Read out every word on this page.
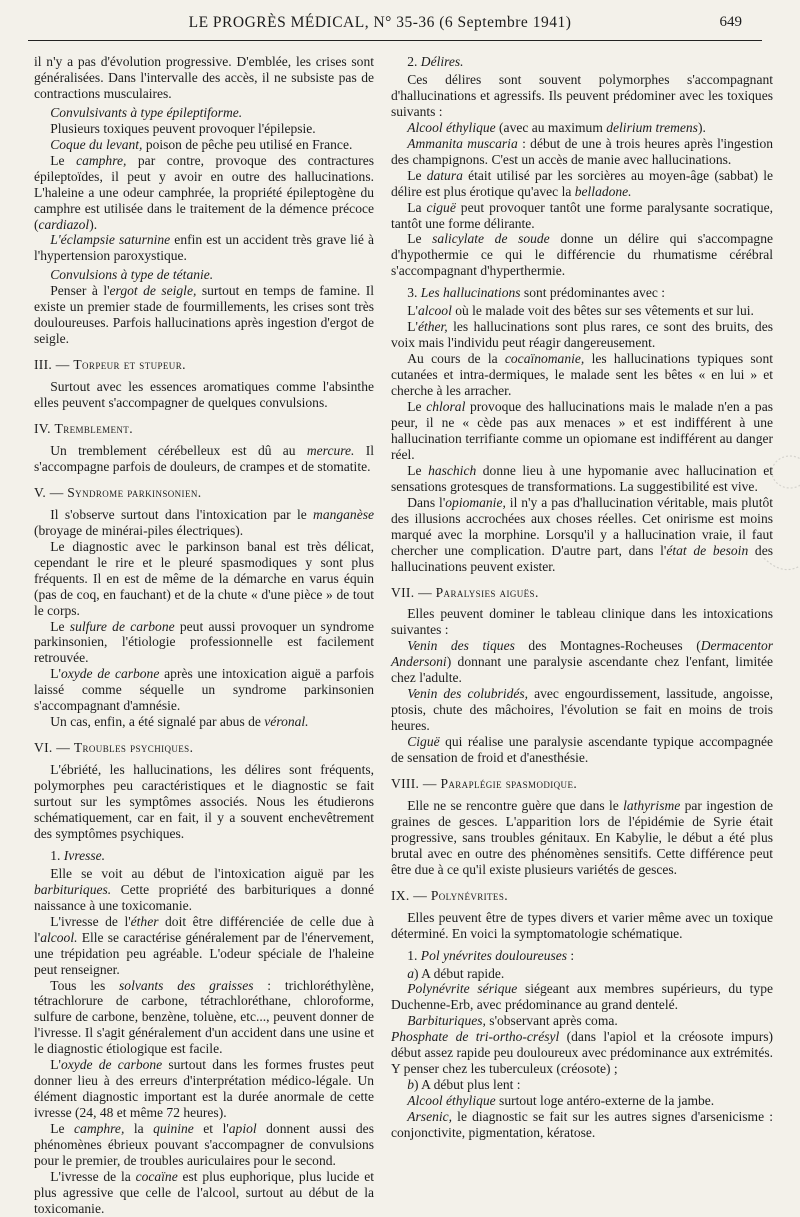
LE PROGRÈS MÉDICAL, N° 35-36 (6 Septembre 1941)	649

il n'y a pas d'évolution progressive. D'emblée, les crises sont généralisées. Dans l'intervalle des accès, il ne subsiste pas de contractions musculaires.

Convulsivants à type épileptiforme.

Plusieurs toxiques peuvent provoquer l'épilepsie.

Coque du levant, poison de pêche peu utilisé en France.

Le camphre, par contre, provoque des contractures épileptoïdes, il peut y avoir en outre des hallucinations. L'haleine a une odeur camphrée, la propriété épileptogène du camphre est utilisée dans le traitement de la démence précoce (cardiazol).

L'éclampsie saturnine enfin est un accident très grave lié à l'hypertension paroxystique.

Convulsions à type de tétanie.

Penser à l'ergot de seigle, surtout en temps de famine. Il existe un premier stade de fourmillements, les crises sont très douloureuses. Parfois hallucinations après ingestion d'ergot de seigle.

III. — Torpeur et stupeur.

Surtout avec les essences aromatiques comme l'absinthe elles peuvent s'accompagner de quelques convulsions.

IV. Tremblement.

Un tremblement cérébelleux est dû au mercure. Il s'accompagne parfois de douleurs, de crampes et de stomatite.

V. — Syndrome parkinsonien.

Il s'observe surtout dans l'intoxication par le manganèse (broyage de minérai-piles électriques).

Le diagnostic avec le parkinson banal est très délicat, cependant le rire et le pleuré spasmodiques y sont plus fréquents. Il en est de même de la démarche en varus équin (pas de coq, en fauchant) et de la chute « d'une pièce » de tout le corps.

Le sulfure de carbone peut aussi provoquer un syndrome parkinsonien, l'étiologie professionnelle est facilement retrouvée.

L'oxyde de carbone après une intoxication aiguë a parfois laissé comme séquelle un syndrome parkinsonien s'accompagnant d'amnésie.

Un cas, enfin, a été signalé par abus de véronal.

VI. — Troubles psychiques.

L'ébriété, les hallucinations, les délires sont fréquents, polymorphes peu caractéristiques et le diagnostic se fait surtout sur les symptômes associés. Nous les étudierons schématiquement, car en fait, il y a souvent enchevêtrement des symptômes psychiques.

1. Ivresse.

Elle se voit au début de l'intoxication aiguë par les barbituriques. Cette propriété des barbituriques a donné naissance à une toxicomanie.

L'ivresse de l'éther doit être différenciée de celle due à l'alcool. Elle se caractérise généralement par de l'énervement, une trépidation peu agréable. L'odeur spéciale de l'haleine peut renseigner.

Tous les solvants des graisses : trichloréthylène, tétrachlorure de carbone, tétrachloréthane, chloroforme, sulfure de carbone, benzène, toluène, etc..., peuvent donner de l'ivresse. Il s'agit généralement d'un accident dans une usine et le diagnostic étiologique est facile.

L'oxyde de carbone surtout dans les formes frustes peut donner lieu à des erreurs d'interprétation médico-légale. Un élément diagnostic important est la durée anormale de cette ivresse (24, 48 et même 72 heures).

Le camphre, la quinine et l'apiol donnent aussi des phénomènes ébrieux pouvant s'accompagner de convulsions pour le premier, de troubles auriculaires pour le second.

L'ivresse de la cocaïne est plus euphorique, plus lucide et plus agressive que celle de l'alcool, surtout au début de la toxicomanie.

2. Délires.

Ces délires sont souvent polymorphes s'accompagnant d'hallucinations et agressifs. Ils peuvent prédominer avec les toxiques suivants :

Alcool éthylique (avec au maximum delirium tremens).

Ammanita muscaria : début de une à trois heures après l'ingestion des champignons. C'est un accès de manie avec hallucinations.

Le datura était utilisé par les sorcières au moyen-âge (sabbat) le délire est plus érotique qu'avec la belladone.

La ciguë peut provoquer tantôt une forme paralysante socratique, tantôt une forme délirante.

Le salicylate de soude donne un délire qui s'accompagne d'hypothermie ce qui le différencie du rhumatisme cérébral s'accompagnant d'hyperthermie.

3. Les hallucinations sont prédominantes avec :

L'alcool où le malade voit des bêtes sur ses vêtements et sur lui.

L'éther, les hallucinations sont plus rares, ce sont des bruits, des voix mais l'individu peut réagir dangereusement.

Au cours de la cocaïnomanie, les hallucinations typiques sont cutanées et intra-dermiques, le malade sent les bêtes « en lui » et cherche à les arracher.

Le chloral provoque des hallucinations mais le malade n'en a pas peur, il ne « cède pas aux menaces » et est indifférent à une hallucination terrifiante comme un opiomane est indifférent au danger réel.

Le haschich donne lieu à une hypomanie avec hallucination et sensations grotesques de transformations. La suggestibilité est vive.

Dans l'opiomanie, il n'y a pas d'hallucination véritable, mais plutôt des illusions accrochées aux choses réelles. Cet onirisme est moins marqué avec la morphine. Lorsqu'il y a hallucination vraie, il faut chercher une complication. D'autre part, dans l'état de besoin des hallucinations peuvent exister.

VII. — Paralysies aiguës.

Elles peuvent dominer le tableau clinique dans les intoxications suivantes :

Venin des tiques des Montagnes-Rocheuses (Dermacentor Andersoni) donnant une paralysie ascendante chez l'enfant, limitée chez l'adulte.

Venin des colubridés, avec engourdissement, lassitude, angoisse, ptosis, chute des mâchoires, l'évolution se fait en moins de trois heures.

Ciguë qui réalise une paralysie ascendante typique accompagnée de sensation de froid et d'anesthésie.

VIII. — Paraplégie spasmodique.

Elle ne se rencontre guère que dans le lathyrisme par ingestion de graines de gesces. L'apparition lors de l'épidémie de Syrie était progressive, sans troubles génitaux. En Kabylie, le début a été plus brutal avec en outre des phénomènes sensitifs. Cette différence peut être due à ce qu'il existe plusieurs variétés de gesces.

IX. — Polynévrites.

Elles peuvent être de types divers et varier même avec un toxique déterminé. En voici la symptomatologie schématique.

1. Pol ynévrites douloureuses :

a) A début rapide.

Polynévrite sérique siégeant aux membres supérieurs, du type Duchenne-Erb, avec prédominance au grand dentelé.

Barbituriques, s'observant après coma.

Phosphate de tri-ortho-crésyl (dans l'apiol et la créosote impurs) début assez rapide peu douloureux avec prédominance aux extrémités. Y penser chez les tuberculeux (créosote) ;

b) A début plus lent :

Alcool éthylique surtout loge antéro-externe de la jambe.

Arsenic, le diagnostic se fait sur les autres signes d'arsenicisme : conjonctivite, pigmentation, kératose.
